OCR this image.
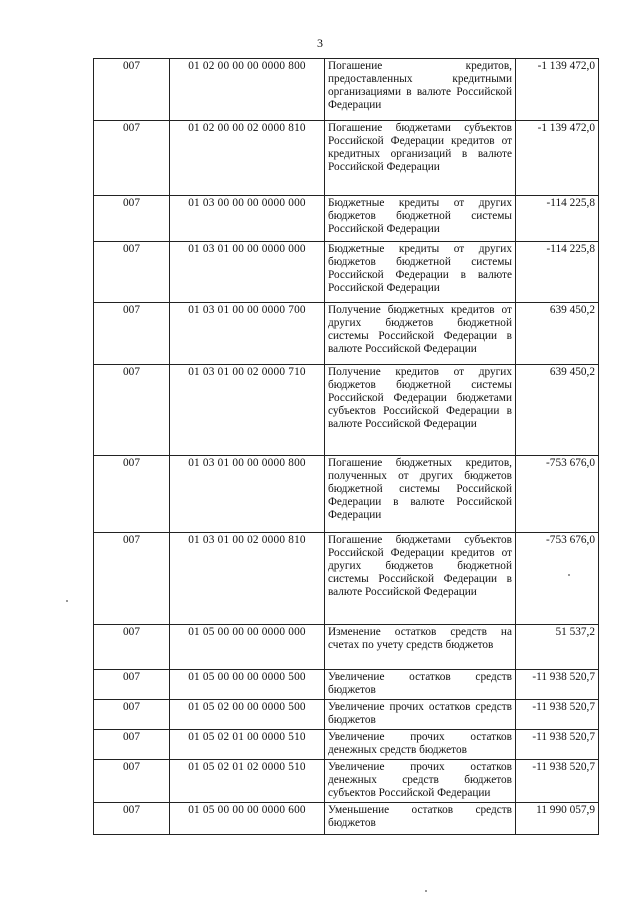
3
007	01 02 00 00 00 0000 800	Погашение кредитов, предоставленных кредитными организациями в валюте Российской Федерации	-1 139 472,0
007	01 02 00 00 02 0000 810	Погашение бюджетами субъектов Российской Федерации кредитов от кредитных организаций в валюте Российской Федерации	-1 139 472,0
007	01 03 00 00 00 0000 000	Бюджетные кредиты от других бюджетов бюджетной системы Российской Федерации	-114 225,8
007	01 03 01 00 00 0000 000	Бюджетные кредиты от других бюджетов бюджетной системы Российской Федерации в валюте Российской Федерации	-114 225,8
007	01 03 01 00 00 0000 700	Получение бюджетных кредитов от других бюджетов бюджетной системы Российской Федерации в валюте Российской Федерации	639 450,2
007	01 03 01 00 02 0000 710	Получение кредитов от других бюджетов бюджетной системы Российской Федерации бюджетами субъектов Российской Федерации в валюте Российской Федерации	639 450,2
007	01 03 01 00 00 0000 800	Погашение бюджетных кредитов, полученных от других бюджетов бюджетной системы Российской Федерации в валюте Российской Федерации	-753 676,0
007	01 03 01 00 02 0000 810	Погашение бюджетами субъектов Российской Федерации кредитов от других бюджетов бюджетной системы Российской Федерации в валюте Российской Федерации	-753 676,0
007	01 05 00 00 00 0000 000	Изменение остатков средств на счетах по учету средств бюджетов	51 537,2
007	01 05 00 00 00 0000 500	Увеличение остатков средств бюджетов	-11 938 520,7
007	01 05 02 00 00 0000 500	Увеличение прочих остатков средств бюджетов	-11 938 520,7
007	01 05 02 01 00 0000 510	Увеличение прочих остатков денежных средств бюджетов	-11 938 520,7
007	01 05 02 01 02 0000 510	Увеличение прочих остатков денежных средств бюджетов субъектов Российской Федерации	-11 938 520,7
007	01 05 00 00 00 0000 600	Уменьшение остатков средств бюджетов	11 990 057,9
